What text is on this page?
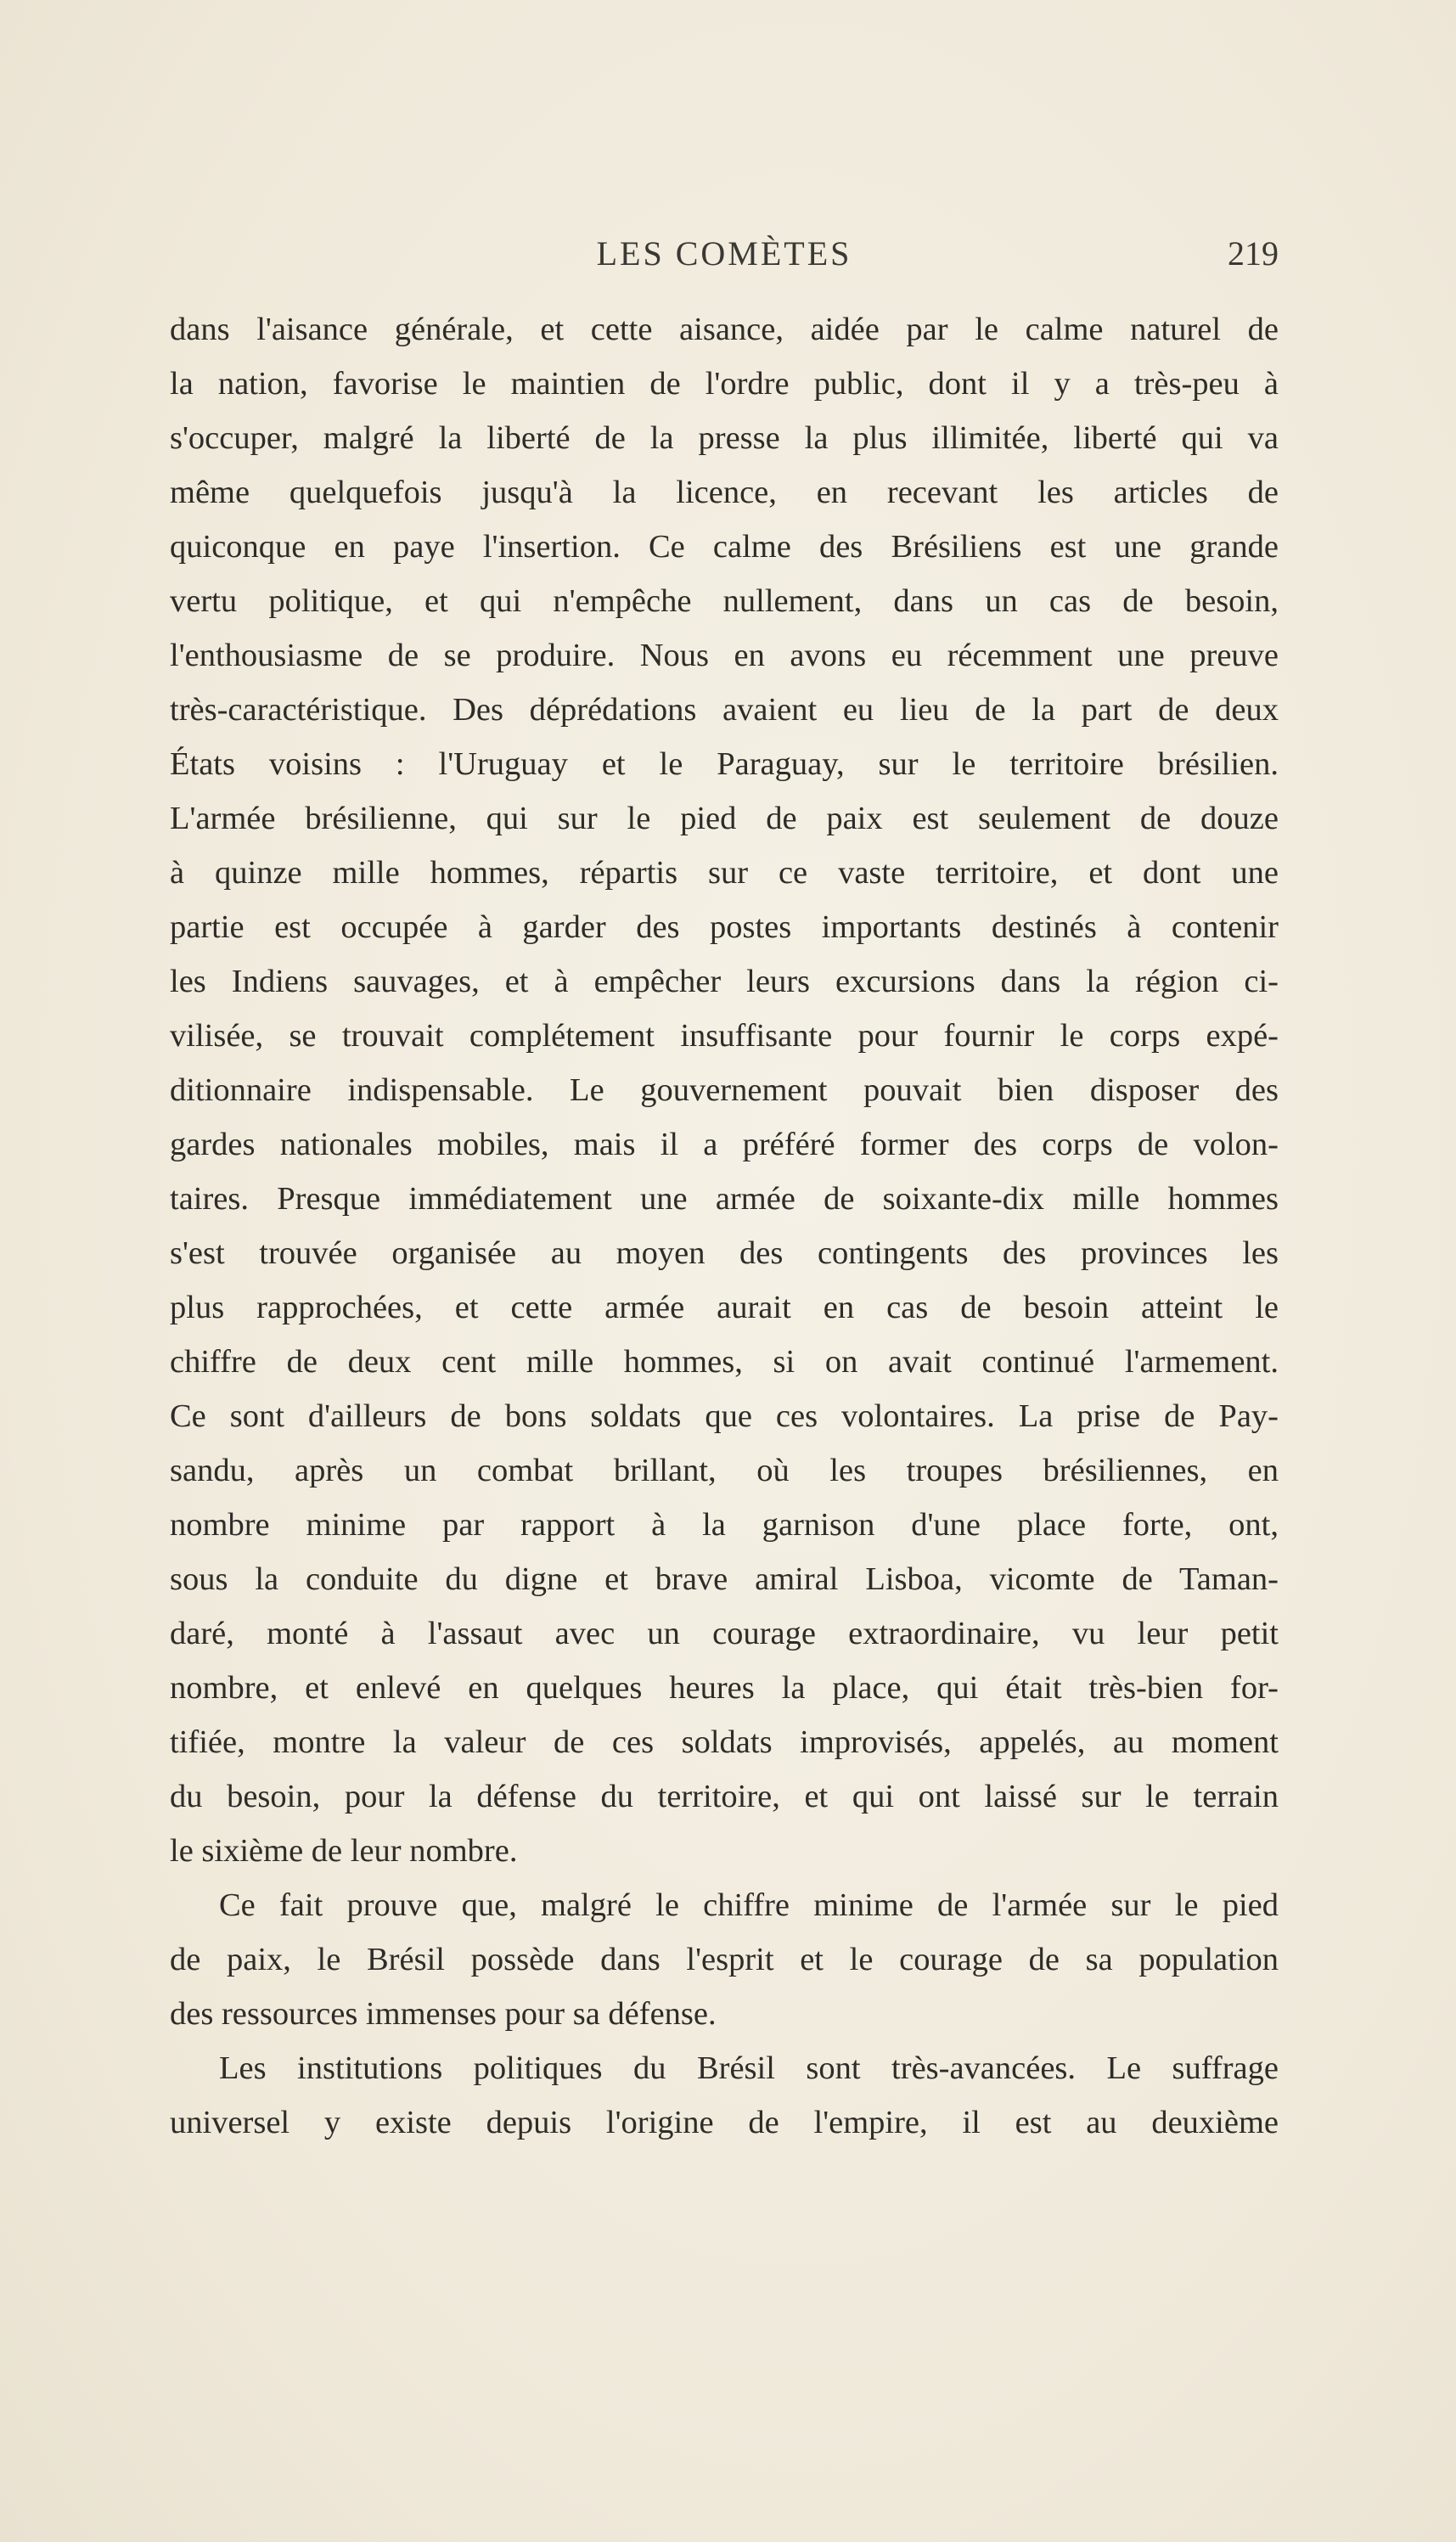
LES COMÈTES	219
dans l'aisance générale, et cette aisance, aidée par le calme naturel de
la nation, favorise le maintien de l'ordre public, dont il y a très-peu à
s'occuper, malgré la liberté de la presse la plus illimitée, liberté qui va
même quelquefois jusqu'à la licence, en recevant les articles de
quiconque en paye l'insertion. Ce calme des Brésiliens est une grande
vertu politique, et qui n'empêche nullement, dans un cas de besoin,
l'enthousiasme de se produire. Nous en avons eu récemment une preuve
très-caractéristique. Des déprédations avaient eu lieu de la part de deux
États voisins : l'Uruguay et le Paraguay, sur le territoire brésilien.
L'armée brésilienne, qui sur le pied de paix est seulement de douze
à quinze mille hommes, répartis sur ce vaste territoire, et dont une
partie est occupée à garder des postes importants destinés à contenir
les Indiens sauvages, et à empêcher leurs excursions dans la région ci-
vilisée, se trouvait complétement insuffisante pour fournir le corps expé-
ditionnaire indispensable. Le gouvernement pouvait bien disposer des
gardes nationales mobiles, mais il a préféré former des corps de volon-
taires. Presque immédiatement une armée de soixante-dix mille hommes
s'est trouvée organisée au moyen des contingents des provinces les
plus rapprochées, et cette armée aurait en cas de besoin atteint le
chiffre de deux cent mille hommes, si on avait continué l'armement.
Ce sont d'ailleurs de bons soldats que ces volontaires. La prise de Pay-
sandu, après un combat brillant, où les troupes brésiliennes, en
nombre minime par rapport à la garnison d'une place forte, ont,
sous la conduite du digne et brave amiral Lisboa, vicomte de Taman-
daré, monté à l'assaut avec un courage extraordinaire, vu leur petit
nombre, et enlevé en quelques heures la place, qui était très-bien for-
tifiée, montre la valeur de ces soldats improvisés, appelés, au moment
du besoin, pour la défense du territoire, et qui ont laissé sur le terrain
le sixième de leur nombre.
Ce fait prouve que, malgré le chiffre minime de l'armée sur le pied
de paix, le Brésil possède dans l'esprit et le courage de sa population
des ressources immenses pour sa défense.
Les institutions politiques du Brésil sont très-avancées. Le suffrage
universel y existe depuis l'origine de l'empire, il est au deuxième
